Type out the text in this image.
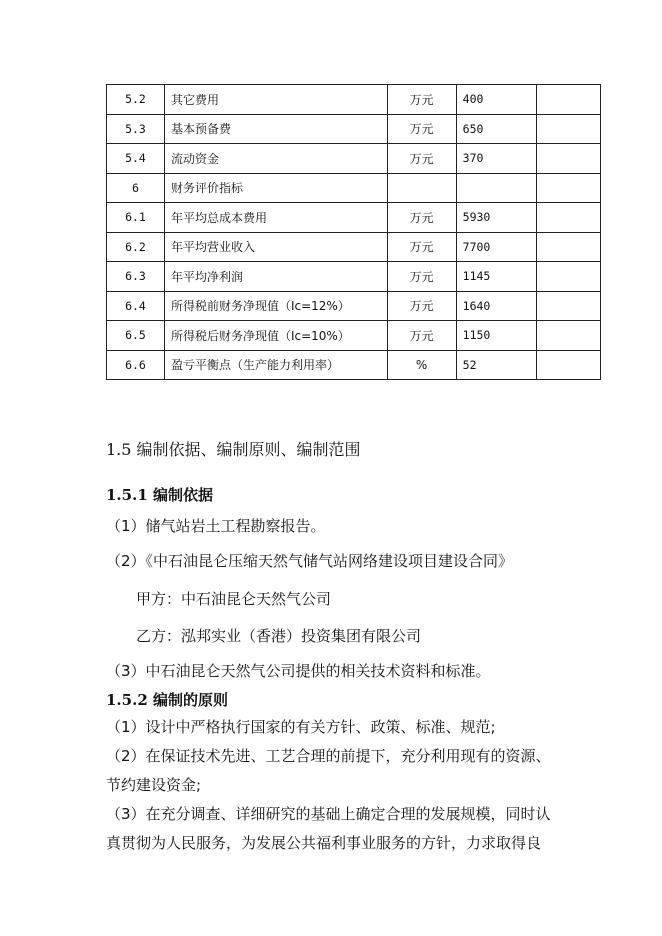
5.2	其它费用	万元	400	
5.3	基本预备费	万元	650	
5.4	流动资金	万元	370	
6	财务评价指标			
6.1	年平均总成本费用	万元	5930	
6.2	年平均营业收入	万元	7700	
6.3	年平均净利润	万元	1145	
6.4	所得税前财务净现值（Ic=12%）	万元	1640	
6.5	所得税后财务净现值（Ic=10%）	万元	1150	
6.6	盈亏平衡点（生产能力利用率）	%	52	
1.5 编制依据、编制原则、编制范围
1.5.1 编制依据
（1）储气站岩土工程勘察报告。
（2）《中石油昆仑压缩天然气储气站网络建设项目建设合同》
甲方：中石油昆仑天然气公司
乙方：泓邦实业（香港）投资集团有限公司
（3）中石油昆仑天然气公司提供的相关技术资料和标准。
1.5.2 编制的原则
（1）设计中严格执行国家的有关方针、政策、标准、规范;
（2）在保证技术先进、工艺合理的前提下，充分利用现有的资源、
节约建设资金;
（3）在充分调查、详细研究的基础上确定合理的发展规模，同时认
真贯彻为人民服务，为发展公共福利事业服务的方针，力求取得良
